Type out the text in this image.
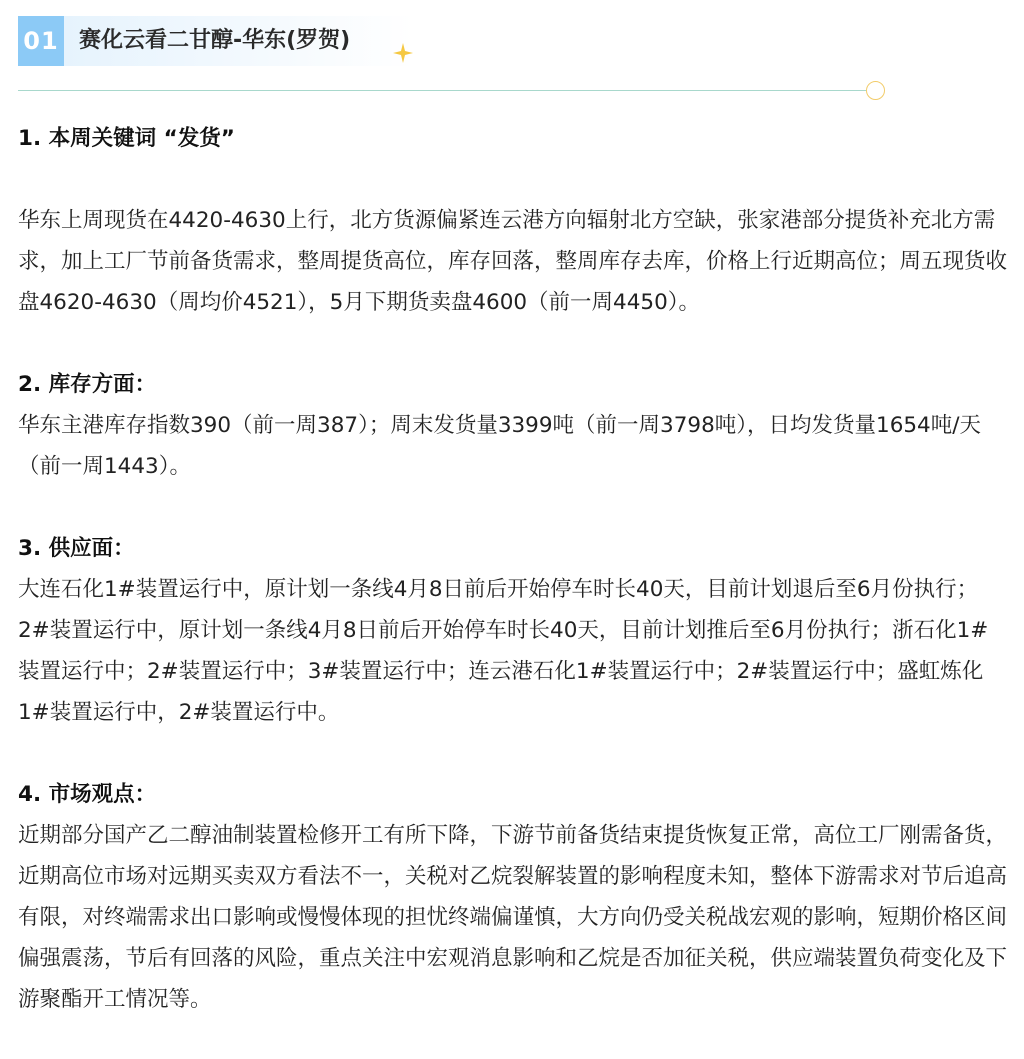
01 赛化云看二甘醇-华东(罗贺)

1. 本周关键词 “发货”

华东上周现货在4420-4630上行，北方货源偏紧连云港方向辐射北方空缺，张家港部分提货补充北方需求，加上工厂节前备货需求，整周提货高位，库存回落，整周库存去库，价格上行近期高位；周五现货收盘4620-4630（周均价4521），5月下期货卖盘4600（前一周4450）。

2. 库存方面：

华东主港库存指数390（前一周387）；周末发货量3399吨（前一周3798吨），日均发货量1654吨/天（前一周1443）。

3. 供应面：

大连石化1#装置运行中，原计划一条线4月8日前后开始停车时长40天，目前计划退后至6月份执行；2#装置运行中，原计划一条线4月8日前后开始停车时长40天，目前计划推后至6月份执行；浙石化1#装置运行中；2#装置运行中；3#装置运行中；连云港石化1#装置运行中；2#装置运行中；盛虹炼化1#装置运行中，2#装置运行中。

4. 市场观点：

近期部分国产乙二醇油制装置检修开工有所下降，下游节前备货结束提货恢复正常，高位工厂刚需备货，近期高位市场对远期买卖双方看法不一，关税对乙烷裂解装置的影响程度未知，整体下游需求对节后追高有限，对终端需求出口影响或慢慢体现的担忧终端偏谨慎，大方向仍受关税战宏观的影响，短期价格区间偏强震荡，节后有回落的风险，重点关注中宏观消息影响和乙烷是否加征关税，供应端装置负荷变化及下游聚酯开工情况等。
